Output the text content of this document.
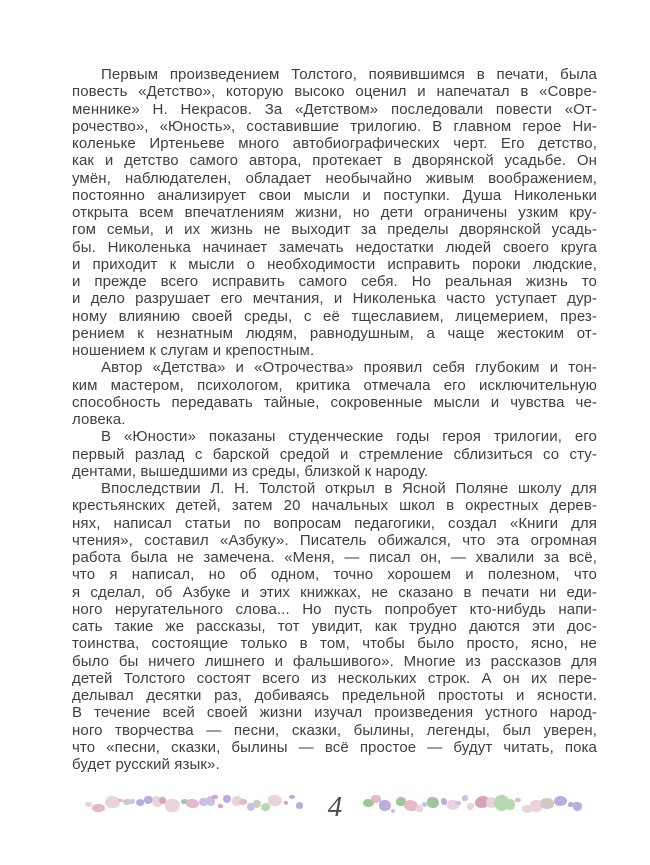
Первым произведением Толстого, появившимся в печати, была
повесть «Детство», которую высоко оценил и напечатал в «Совре-
меннике» Н. Некрасов. За «Детством» последовали повести «От-
рочество», «Юность», составившие трилогию. В главном герое Ни-
коленьке Иртеньеве много автобиографических черт. Его детство,
как и детство самого автора, протекает в дворянской усадьбе. Он
умён, наблюдателен, обладает необычайно живым воображением,
постоянно анализирует свои мысли и поступки. Душа Николеньки
открыта всем впечатлениям жизни, но дети ограничены узким кру-
гом семьи, и их жизнь не выходит за пределы дворянской усадь-
бы. Николенька начинает замечать недостатки людей своего круга
и приходит к мысли о необходимости исправить пороки людские,
и прежде всего исправить самого себя. Но реальная жизнь то
и дело разрушает его мечтания, и Николенька часто уступает дур-
ному влиянию своей среды, с её тщеславием, лицемерием, през-
рением к незнатным людям, равнодушным, а чаще жестоким от-
ношением к слугам и крепостным.
Автор «Детства» и «Отрочества» проявил себя глубоким и тон-
ким мастером, психологом, критика отмечала его исключительную
способность передавать тайные, сокровенные мысли и чувства че-
ловека.
В «Юности» показаны студенческие годы героя трилогии, его
первый разлад с барской средой и стремление сблизиться со сту-
дентами, вышедшими из среды, близкой к народу.
Впоследствии Л. Н. Толстой открыл в Ясной Поляне школу для
крестьянских детей, затем 20 начальных школ в окрестных дерев-
нях, написал статьи по вопросам педагогики, создал «Книги для
чтения», составил «Азбуку». Писатель обижался, что эта огромная
работа была не замечена. «Меня, — писал он, — хвалили за всё,
что я написал, но об одном, точно хорошем и полезном, что
я сделал, об Азбуке и этих книжках, не сказано в печати ни еди-
ного неругательного слова... Но пусть попробует кто-нибудь напи-
сать такие же рассказы, тот увидит, как трудно даются эти дос-
тоинства, состоящие только в том, чтобы было просто, ясно, не
было бы ничего лишнего и фальшивого». Многие из рассказов для
детей Толстого состоят всего из нескольких строк. А он их пере-
делывал десятки раз, добиваясь предельной простоты и ясности.
В течение всей своей жизни изучал произведения устного народ-
ного творчества — песни, сказки, былины, легенды, был уверен,
что «песни, сказки, былины — всё простое — будут читать, пока
будет русский язык».
4
